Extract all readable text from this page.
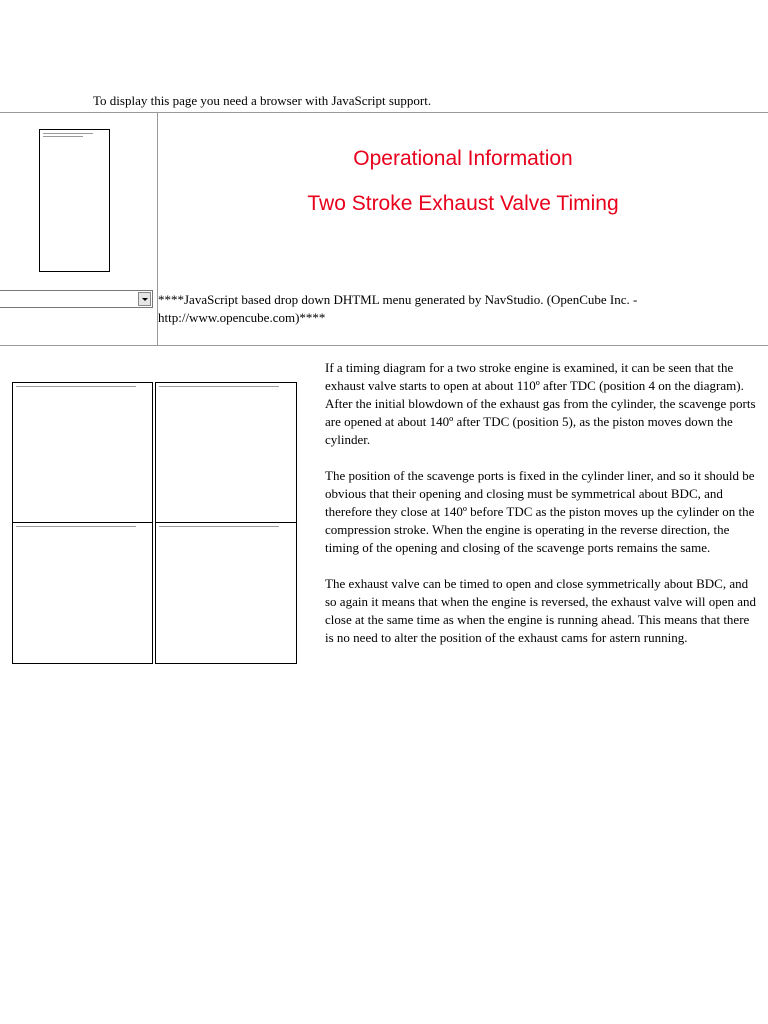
To display this page you need a browser with JavaScript support.
Operational Information
Two Stroke Exhaust Valve Timing
****JavaScript based drop down DHTML menu generated by NavStudio. (OpenCube Inc. - http://www.opencube.com)****

If a timing diagram for a two stroke engine is examined, it can be seen that the exhaust valve starts to open at about 110º after TDC (position 4 on the diagram). After the initial blowdown of the exhaust gas from the cylinder, the scavenge ports are opened at about 140º after TDC (position 5), as the piston moves down the cylinder.

The position of the scavenge ports is fixed in the cylinder liner, and so it should be obvious that their opening and closing must be symmetrical about BDC, and therefore they close at 140º before TDC as the piston moves up the cylinder on the compression stroke. When the engine is operating in the reverse direction, the timing of the opening and closing of the scavenge ports remains the same.

The exhaust valve can be timed to open and close symmetrically about BDC, and so again it means that when the engine is reversed, the exhaust valve will open and close at the same time as when the engine is running ahead. This means that there is no need to alter the position of the exhaust cams for astern running.
